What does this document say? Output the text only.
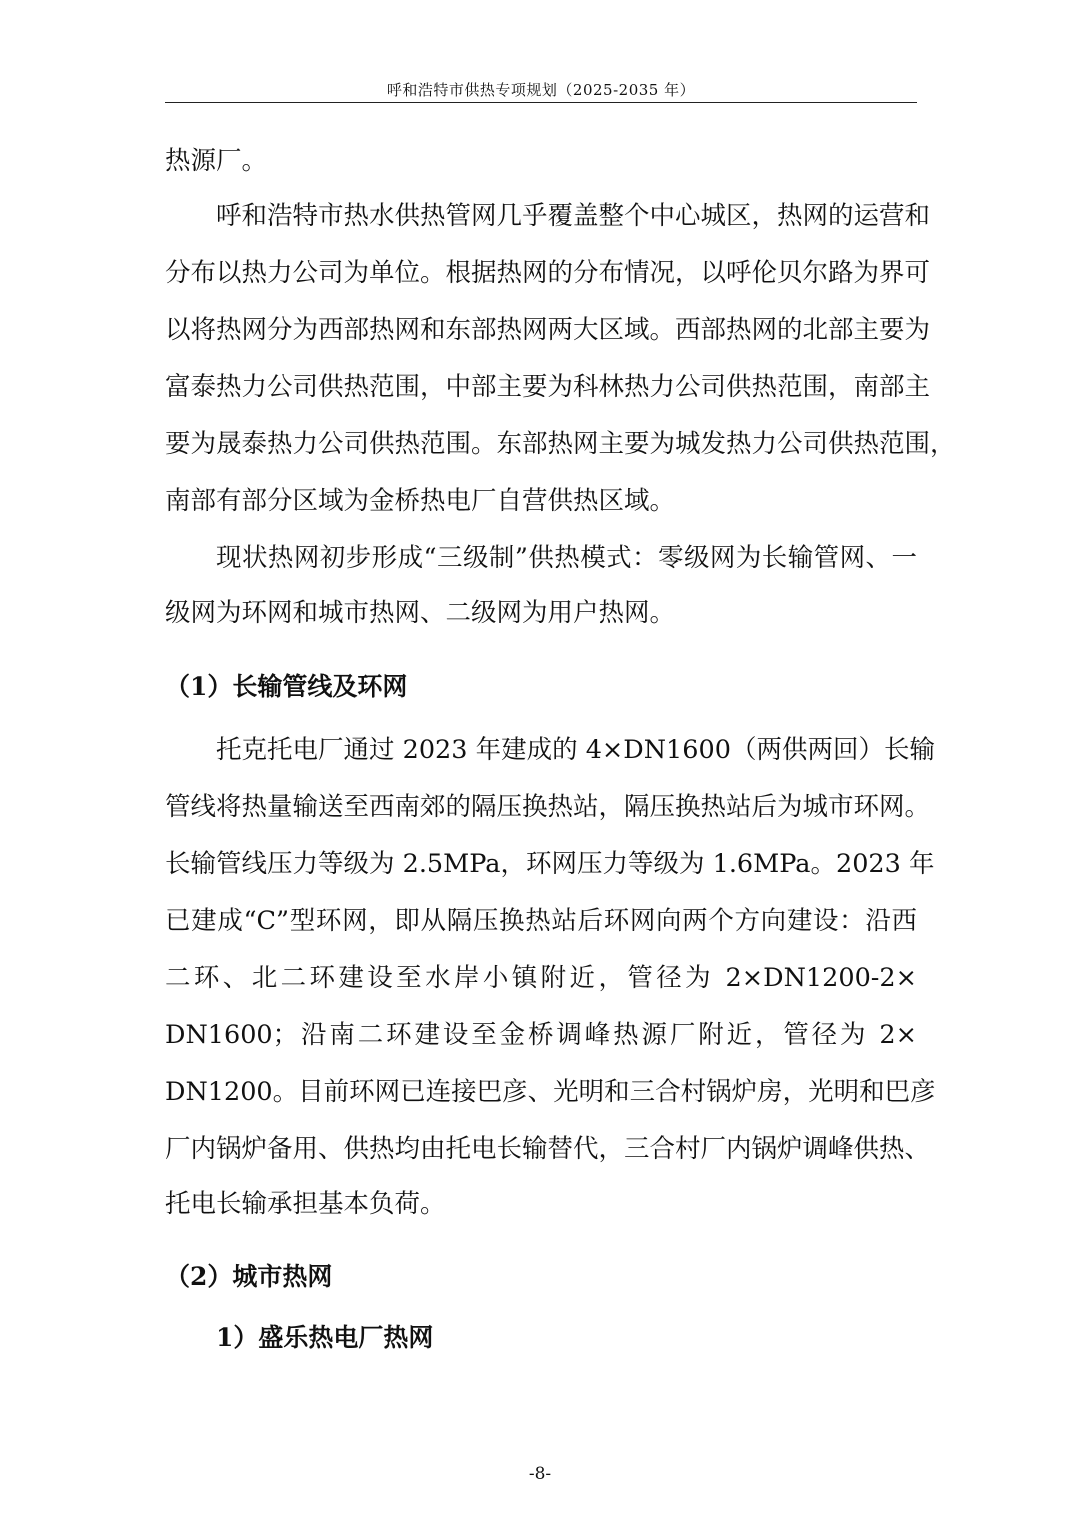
呼和浩特市供热专项规划（2025-2035 年）
热源厂。
呼和浩特市热水供热管网几乎覆盖整个中心城区，热网的运营和
分布以热力公司为单位。根据热网的分布情况，以呼伦贝尔路为界可
以将热网分为西部热网和东部热网两大区域。西部热网的北部主要为
富泰热力公司供热范围，中部主要为科林热力公司供热范围，南部主
要为晟泰热力公司供热范围。东部热网主要为城发热力公司供热范围，
南部有部分区域为金桥热电厂自营供热区域。
现状热网初步形成“三级制”供热模式：零级网为长输管网、一
级网为环网和城市热网、二级网为用户热网。
（1）长输管线及环网
托克托电厂通过 2023 年建成的 4×DN1600（两供两回）长输
管线将热量输送至西南郊的隔压换热站，隔压换热站后为城市环网。
长输管线压力等级为 2.5MPa，环网压力等级为 1.6MPa。2023 年
已建成“C”型环网，即从隔压换热站后环网向两个方向建设：沿西
二环、北二环建设至水岸小镇附近，管径为 2×DN1200-2×
DN1600；沿南二环建设至金桥调峰热源厂附近，管径为 2×
DN1200。目前环网已连接巴彦、光明和三合村锅炉房，光明和巴彦
厂内锅炉备用、供热均由托电长输替代，三合村厂内锅炉调峰供热、
托电长输承担基本负荷。
（2）城市热网
1）盛乐热电厂热网
-8-
